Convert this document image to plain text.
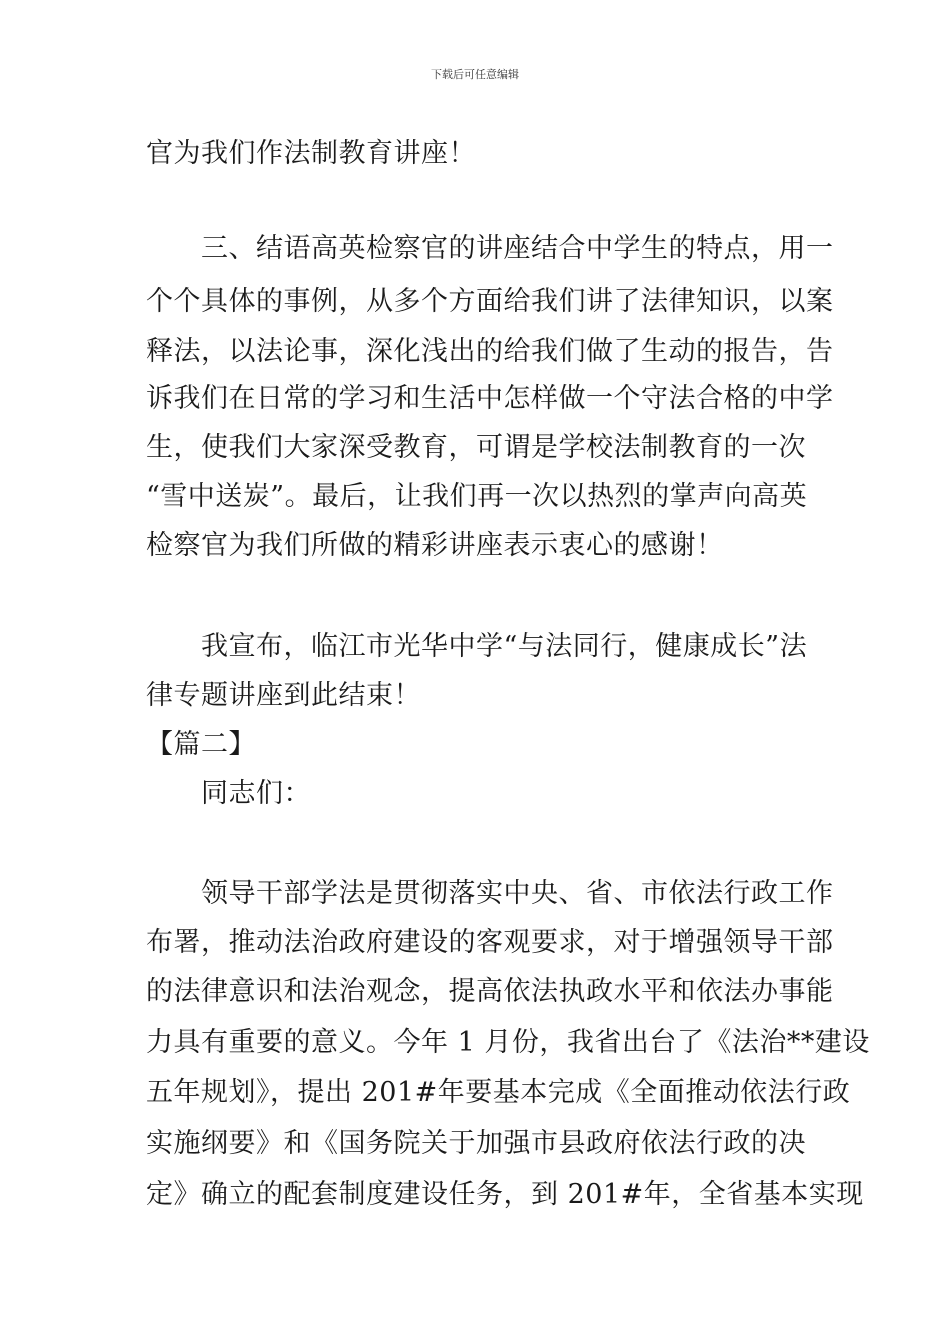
下载后可任意编辑
官为我们作法制教育讲座！
　　三、结语高英检察官的讲座结合中学生的特点，用一
个个具体的事例，从多个方面给我们讲了法律知识，以案
释法，以法论事，深化浅出的给我们做了生动的报告，告
诉我们在日常的学习和生活中怎样做一个守法合格的中学
生，使我们大家深受教育，可谓是学校法制教育的一次
“雪中送炭”。最后，让我们再一次以热烈的掌声向高英
检察官为我们所做的精彩讲座表示衷心的感谢！
　　我宣布，临江市光华中学“与法同行，健康成长”法
律专题讲座到此结束！
【篇二】
　　同志们：
　　领导干部学法是贯彻落实中央、省、市依法行政工作
布署，推动法治政府建设的客观要求，对于增强领导干部
的法律意识和法治观念，提高依法执政水平和依法办事能
力具有重要的意义。今年 1 月份，我省出台了《法治**建设
五年规划》，提出 201#年要基本完成《全面推动依法行政
实施纲要》和《国务院关于加强市县政府依法行政的决
定》确立的配套制度建设任务，到 201#年，全省基本实现
